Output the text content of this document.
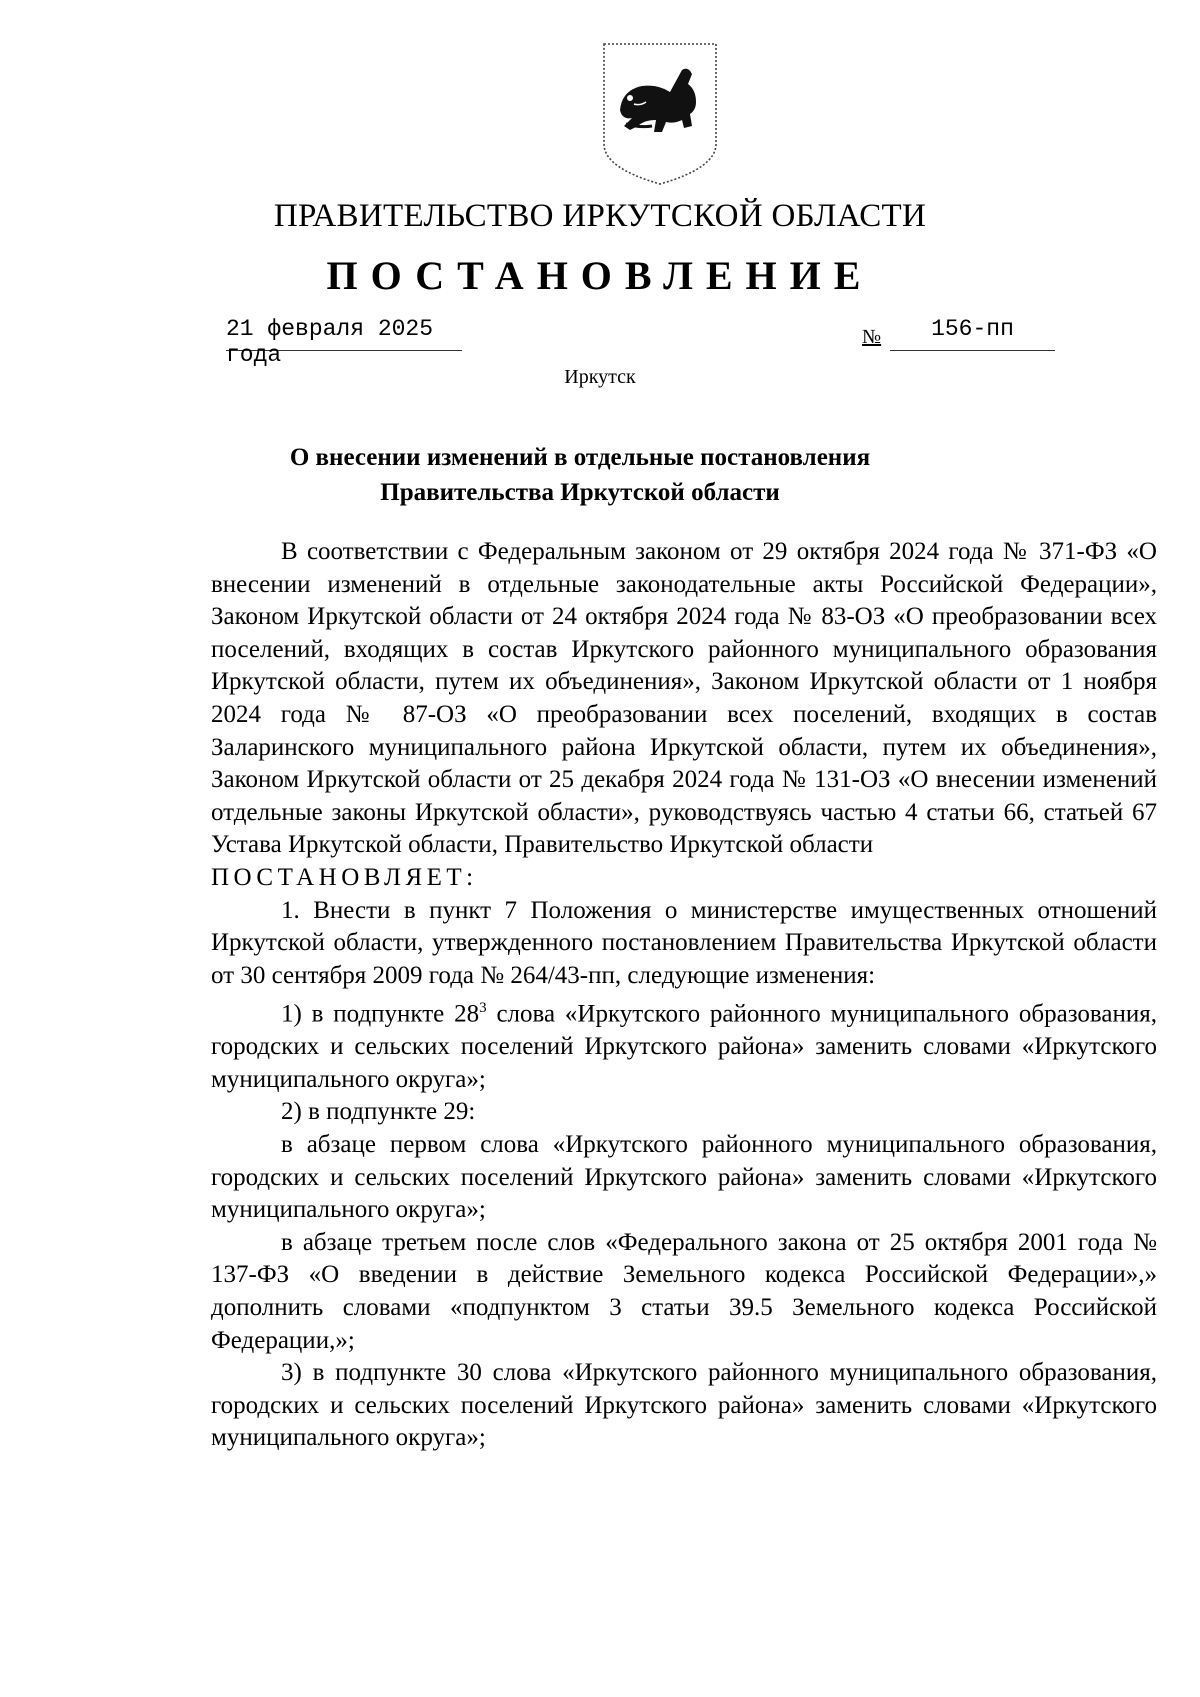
ПРАВИТЕЛЬСТВО ИРКУТСКОЙ ОБЛАСТИ
ПОСТАНОВЛЕНИЕ
21 февраля 2025 года
№	156-пп
Иркутск
О внесении изменений в отдельные постановления Правительства Иркутской области

В соответствии с Федеральным законом от 29 октября 2024 года № 371-ФЗ «О внесении изменений в отдельные законодательные акты Российской Федерации», Законом Иркутской области от 24 октября 2024 года № 83-ОЗ «О преобразовании всех поселений, входящих в состав Иркутского районного муниципального образования Иркутской области, путем их объединения», Законом Иркутской области от 1 ноября 2024 года № 87-ОЗ «О преобразовании всех поселений, входящих в состав Заларинского муниципального района Иркутской области, путем их объединения», Законом Иркутской области от 25 декабря 2024 года № 131-ОЗ «О внесении изменений отдельные законы Иркутской области», руководствуясь частью 4 статьи 66, статьей 67 Устава Иркутской области, Правительство Иркутской области

ПОСТАНОВЛЯЕТ:

1. Внести в пункт 7 Положения о министерстве имущественных отношений Иркутской области, утвержденного постановлением Правительства Иркутской области от 30 сентября 2009 года № 264/43-пп, следующие изменения:

1) в подпункте $28^3$ слова «Иркутского районного муниципального образования, городских и сельских поселений Иркутского района» заменить словами «Иркутского муниципального округа»;

2) в подпункте 29:

в абзаце первом слова «Иркутского районного муниципального образования, городских и сельских поселений Иркутского района» заменить словами «Иркутского муниципального округа»;

в абзаце третьем после слов «Федерального закона от 25 октября 2001 года № 137-ФЗ «О введении в действие Земельного кодекса Российской Федерации»,» дополнить словами «подпунктом 3 статьи 39.5 Земельного кодекса Российской Федерации,»;

3) в подпункте 30 слова «Иркутского районного муниципального образования, городских и сельских поселений Иркутского района» заменить словами «Иркутского муниципального округа»;
